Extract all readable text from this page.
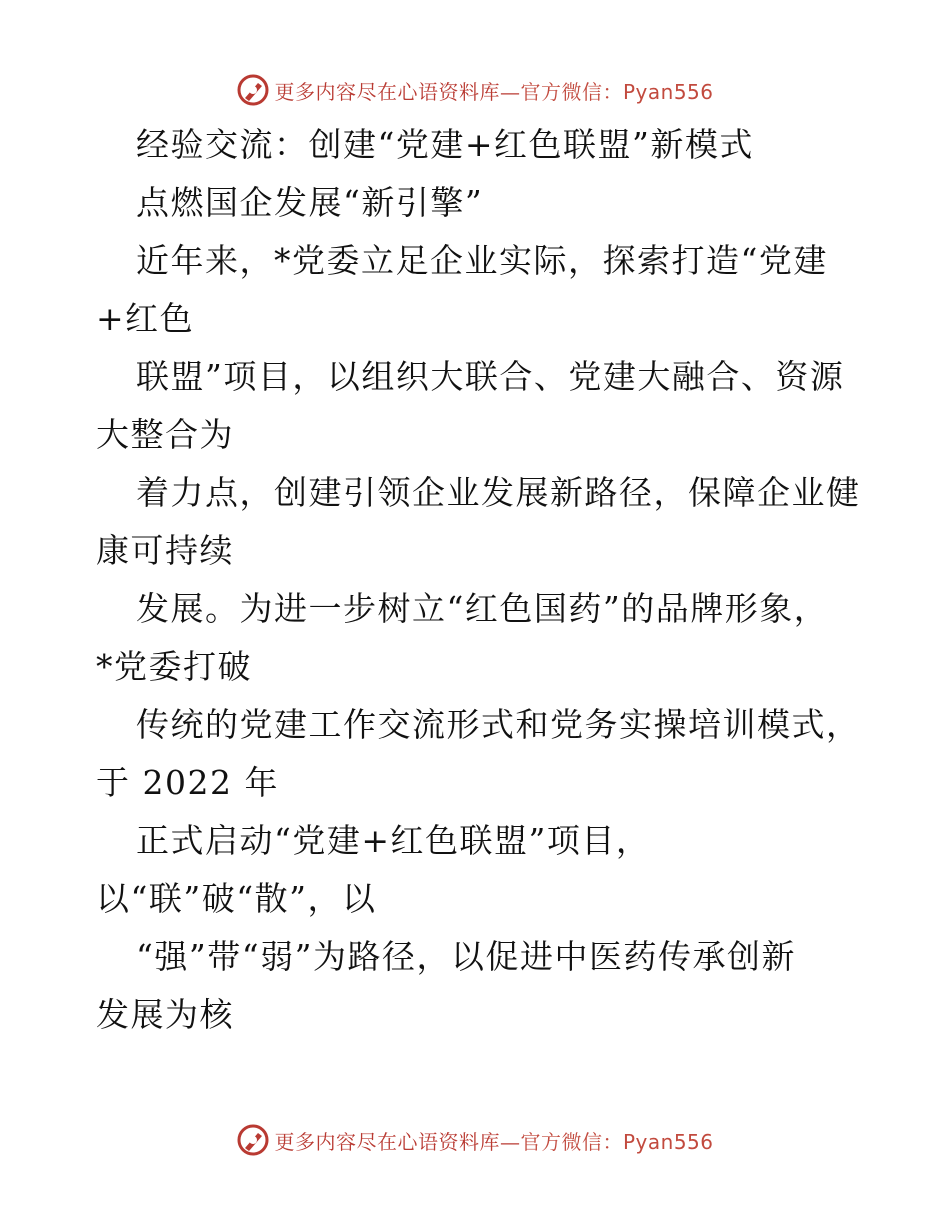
更多内容尽在心语资料库—官方微信：Pyan556
经验交流：创建“党建+红色联盟”新模式
点燃国企发展“新引擎”
近年来，*党委立足企业实际，探索打造“党建
+红色
联盟”项目，以组织大联合、党建大融合、资源
大整合为
着力点，创建引领企业发展新路径，保障企业健
康可持续
发展。为进一步树立“红色国药”的品牌形象，
*党委打破
传统的党建工作交流形式和党务实操培训模式，
于 2022 年
正式启动“党建+红色联盟”项目，
以“联”破“散”，以
“强”带“弱”为路径，以促进中医药传承创新
发展为核
更多内容尽在心语资料库—官方微信：Pyan556
